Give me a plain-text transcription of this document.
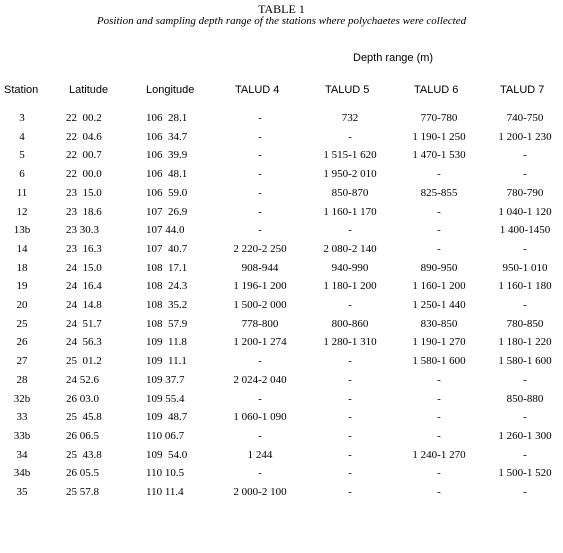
TABLE 1
Position and sampling depth range of the stations where polychaetes were collected
Depth range (m)
Station	Latitude	Longitude	TALUD 4	TALUD 5	TALUD 6	TALUD 7
3	22  00.2	106  28.1	-	732	770-780	740-750
4	22  04.6	106  34.7	-	-	1 190-1 250	1 200-1 230
5	22  00.7	106  39.9	-	1 515-1 620	1 470-1 530	-
6	22  00.0	106  48.1	-	1 950-2 010	-	-
11	23  15.0	106  59.0	-	850-870	825-855	780-790
12	23  18.6	107  26.9	-	1 160-1 170	-	1 040-1 120
13b	23 30.3	107 44.0	-	-	-	1 400-1450
14	23  16.3	107  40.7	2 220-2 250	2 080-2 140	-	-
18	24  15.0	108  17.1	908-944	940-990	890-950	950-1 010
19	24  16.4	108  24.3	1 196-1 200	1 180-1 200	1 160-1 200	1 160-1 180
20	24  14.8	108  35.2	1 500-2 000	-	1 250-1 440	-
25	24  51.7	108  57.9	778-800	800-860	830-850	780-850
26	24  56.3	109  11.8	1 200-1 274	1 280-1 310	1 190-1 270	1 180-1 220
27	25  01.2	109  11.1	-	-	1 580-1 600	1 580-1 600
28	24 52.6	109 37.7	2 024-2 040	-	-	-
32b	26 03.0	109 55.4	-	-	-	850-880
33	25  45.8	109  48.7	1 060-1 090	-	-	-
33b	26 06.5	110 06.7	-	-	-	1 260-1 300
34	25  43.8	109  54.0	1 244	-	1 240-1 270	-
34b	26 05.5	110 10.5	-	-	-	1 500-1 520
35	25 57.8	110 11.4	2 000-2 100	-	-	-
